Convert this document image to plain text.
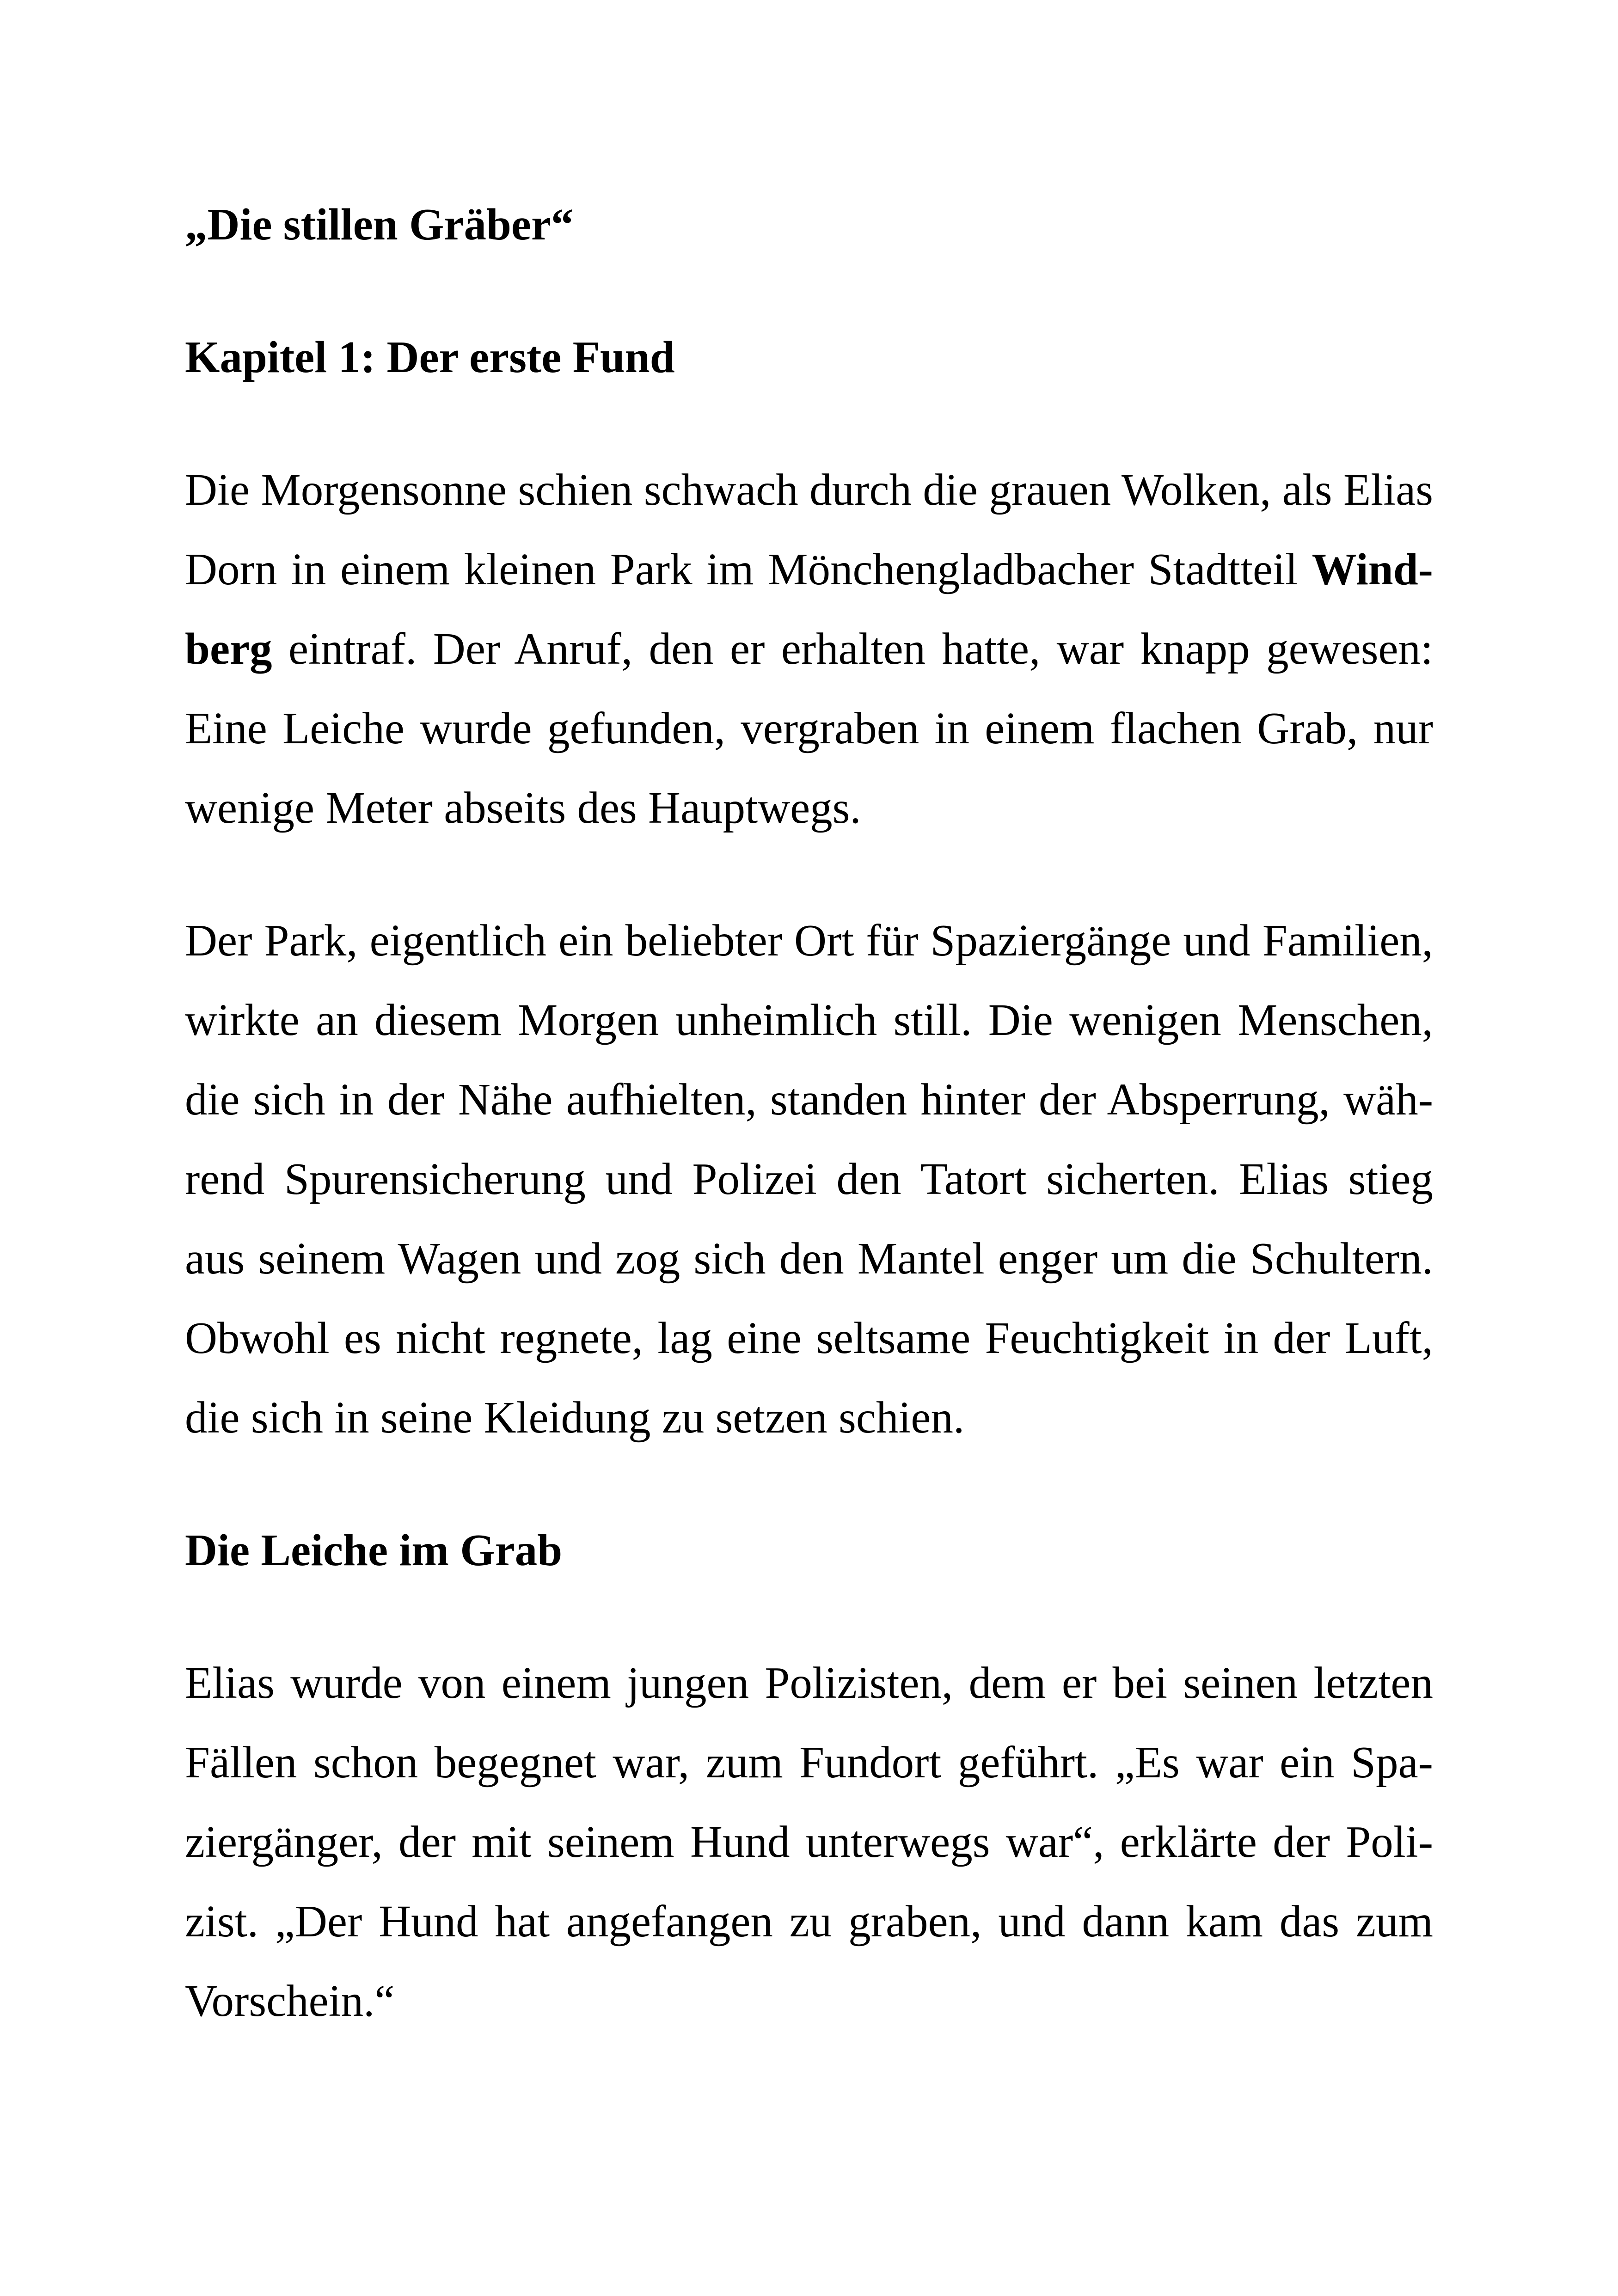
„Die stillen Gräber“
Kapitel 1: Der erste Fund
Die Morgensonne schien schwach durch die grauen Wolken, als Elias
Dorn in einem kleinen Park im Mönchengladbacher Stadtteil Wind-
berg eintraf. Der Anruf, den er erhalten hatte, war knapp gewesen:
Eine Leiche wurde gefunden, vergraben in einem flachen Grab, nur
wenige Meter abseits des Hauptwegs.
Der Park, eigentlich ein beliebter Ort für Spaziergänge und Familien,
wirkte an diesem Morgen unheimlich still. Die wenigen Menschen,
die sich in der Nähe aufhielten, standen hinter der Absperrung, wäh-
rend Spurensicherung und Polizei den Tatort sicherten. Elias stieg
aus seinem Wagen und zog sich den Mantel enger um die Schultern.
Obwohl es nicht regnete, lag eine seltsame Feuchtigkeit in der Luft,
die sich in seine Kleidung zu setzen schien.
Die Leiche im Grab
Elias wurde von einem jungen Polizisten, dem er bei seinen letzten
Fällen schon begegnet war, zum Fundort geführt. „Es war ein Spa-
ziergänger, der mit seinem Hund unterwegs war“, erklärte der Poli-
zist. „Der Hund hat angefangen zu graben, und dann kam das zum
Vorschein.“
